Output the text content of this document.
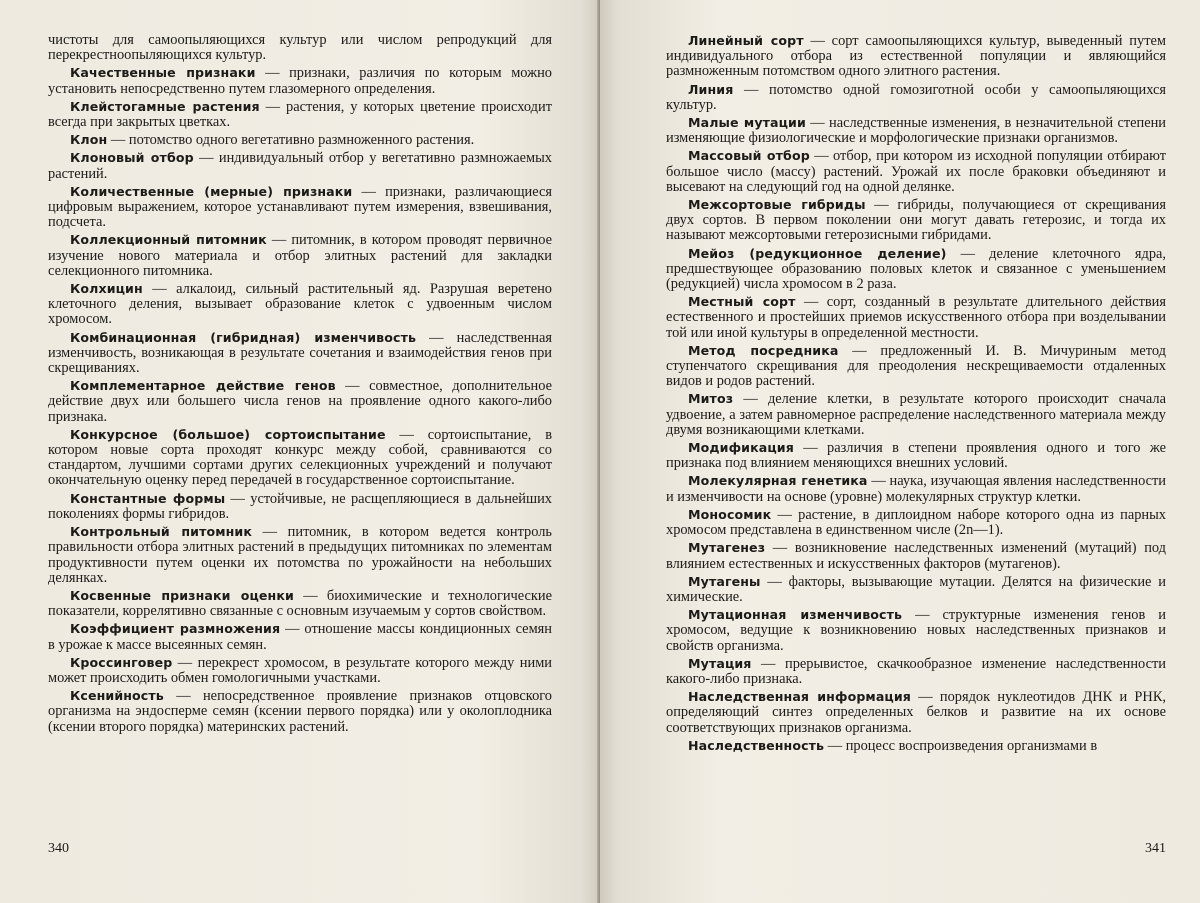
чистоты для самоопыляющихся культур или числом репродукций для перекрестноопыляющихся культур.

Качественные признаки — признаки, различия по которым можно установить непосредственно путем глазомерного определения.

Клейстогамные растения — растения, у которых цветение происходит всегда при закрытых цветках.

Клон — потомство одного вегетативно размноженного растения.

Клоновый отбор — индивидуальный отбор у вегетативно размножаемых растений.

Количественные (мерные) признаки — признаки, различающиеся цифровым выражением, которое устанавливают путем измерения, взвешивания, подсчета.

Коллекционный питомник — питомник, в котором проводят первичное изучение нового материала и отбор элитных растений для закладки селекционного питомника.

Колхицин — алкалоид, сильный растительный яд. Разрушая веретено клеточного деления, вызывает образование клеток с удвоенным числом хромосом.

Комбинационная (гибридная) изменчивость — наследственная изменчивость, возникающая в результате сочетания и взаимодействия генов при скрещиваниях.

Комплементарное действие генов — совместное, дополнительное действие двух или большего числа генов на проявление одного какого-либо признака.

Конкурсное (большое) сортоиспытание — сортоиспытание, в котором новые сорта проходят конкурс между собой, сравниваются со стандартом, лучшими сортами других селекционных учреждений и получают окончательную оценку перед передачей в государственное сортоиспытание.

Константные формы — устойчивые, не расщепляющиеся в дальнейших поколениях формы гибридов.

Контрольный питомник — питомник, в котором ведется контроль правильности отбора элитных растений в предыдущих питомниках по элементам продуктивности путем оценки их потомства по урожайности на небольших делянках.

Косвенные признаки оценки — биохимические и технологические показатели, коррелятивно связанные с основным изучаемым у сортов свойством.

Коэффициент размножения — отношение массы кондиционных семян в урожае к массе высеянных семян.

Кроссинговер — перекрест хромосом, в результате которого между ними может происходить обмен гомологичными участками.

Ксенийность — непосредственное проявление признаков отцовского организма на эндосперме семян (ксении первого порядка) или у околоплодника (ксении второго порядка) материнских растений.

340

Линейный сорт — сорт самоопыляющихся культур, выведенный путем индивидуального отбора из естественной популяции и являющийся размноженным потомством одного элитного растения.

Линия — потомство одной гомозиготной особи у самоопыляющихся культур.

Малые мутации — наследственные изменения, в незначительной степени изменяющие физиологические и морфологические признаки организмов.

Массовый отбор — отбор, при котором из исходной популяции отбирают большое число (массу) растений. Урожай их после браковки объединяют и высевают на следующий год на одной делянке.

Межсортовые гибриды — гибриды, получающиеся от скрещивания двух сортов. В первом поколении они могут давать гетерозис, и тогда их называют межсортовыми гетерозисными гибридами.

Мейоз (редукционное деление) — деление клеточного ядра, предшествующее образованию половых клеток и связанное с уменьшением (редукцией) числа хромосом в 2 раза.

Местный сорт — сорт, созданный в результате длительного действия естественного и простейших приемов искусственного отбора при возделывании той или иной культуры в определенной местности.

Метод посредника — предложенный И. В. Мичуриным метод ступенчатого скрещивания для преодоления нескрещиваемости отдаленных видов и родов растений.

Митоз — деление клетки, в результате которого происходит сначала удвоение, а затем равномерное распределение наследственного материала между двумя возникающими клетками.

Модификация — различия в степени проявления одного и того же признака под влиянием меняющихся внешних условий.

Молекулярная генетика — наука, изучающая явления наследственности и изменчивости на основе (уровне) молекулярных структур клетки.

Моносомик — растение, в диплоидном наборе которого одна из парных хромосом представлена в единственном числе (2n—1).

Мутагенез — возникновение наследственных изменений (мутаций) под влиянием естественных и искусственных факторов (мутагенов).

Мутагены — факторы, вызывающие мутации. Делятся на физические и химические.

Мутационная изменчивость — структурные изменения генов и хромосом, ведущие к возникновению новых наследственных признаков и свойств организма.

Мутация — прерывистое, скачкообразное изменение наследственности какого-либо признака.

Наследственная информация — порядок нуклеотидов ДНК и РНК, определяющий синтез определенных белков и развитие на их основе соответствующих признаков организма.

Наследственность — процесс воспроизведения организмами в

341
